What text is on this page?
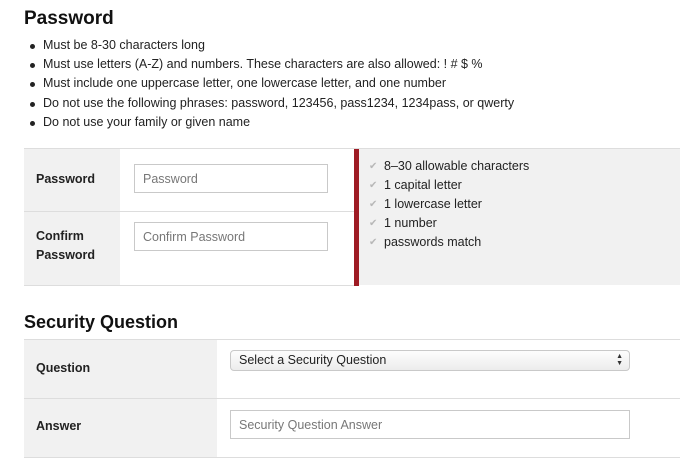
Password
Must be 8-30 characters long
Must use letters (A-Z) and numbers. These characters are also allowed: ! # $ %
Must include one uppercase letter, one lowercase letter, and one number
Do not use the following phrases: password, 123456, pass1234, 1234pass, or qwerty
Do not use your family or given name
Password
Confirm
Password
Password
Confirm Password
✔ 8–30 allowable characters
✔ 1 capital letter
✔ 1 lowercase letter
✔ 1 number
✔ passwords match
Security Question
Question
Select a Security Question	▲
▼
Answer
Security Question Answer
